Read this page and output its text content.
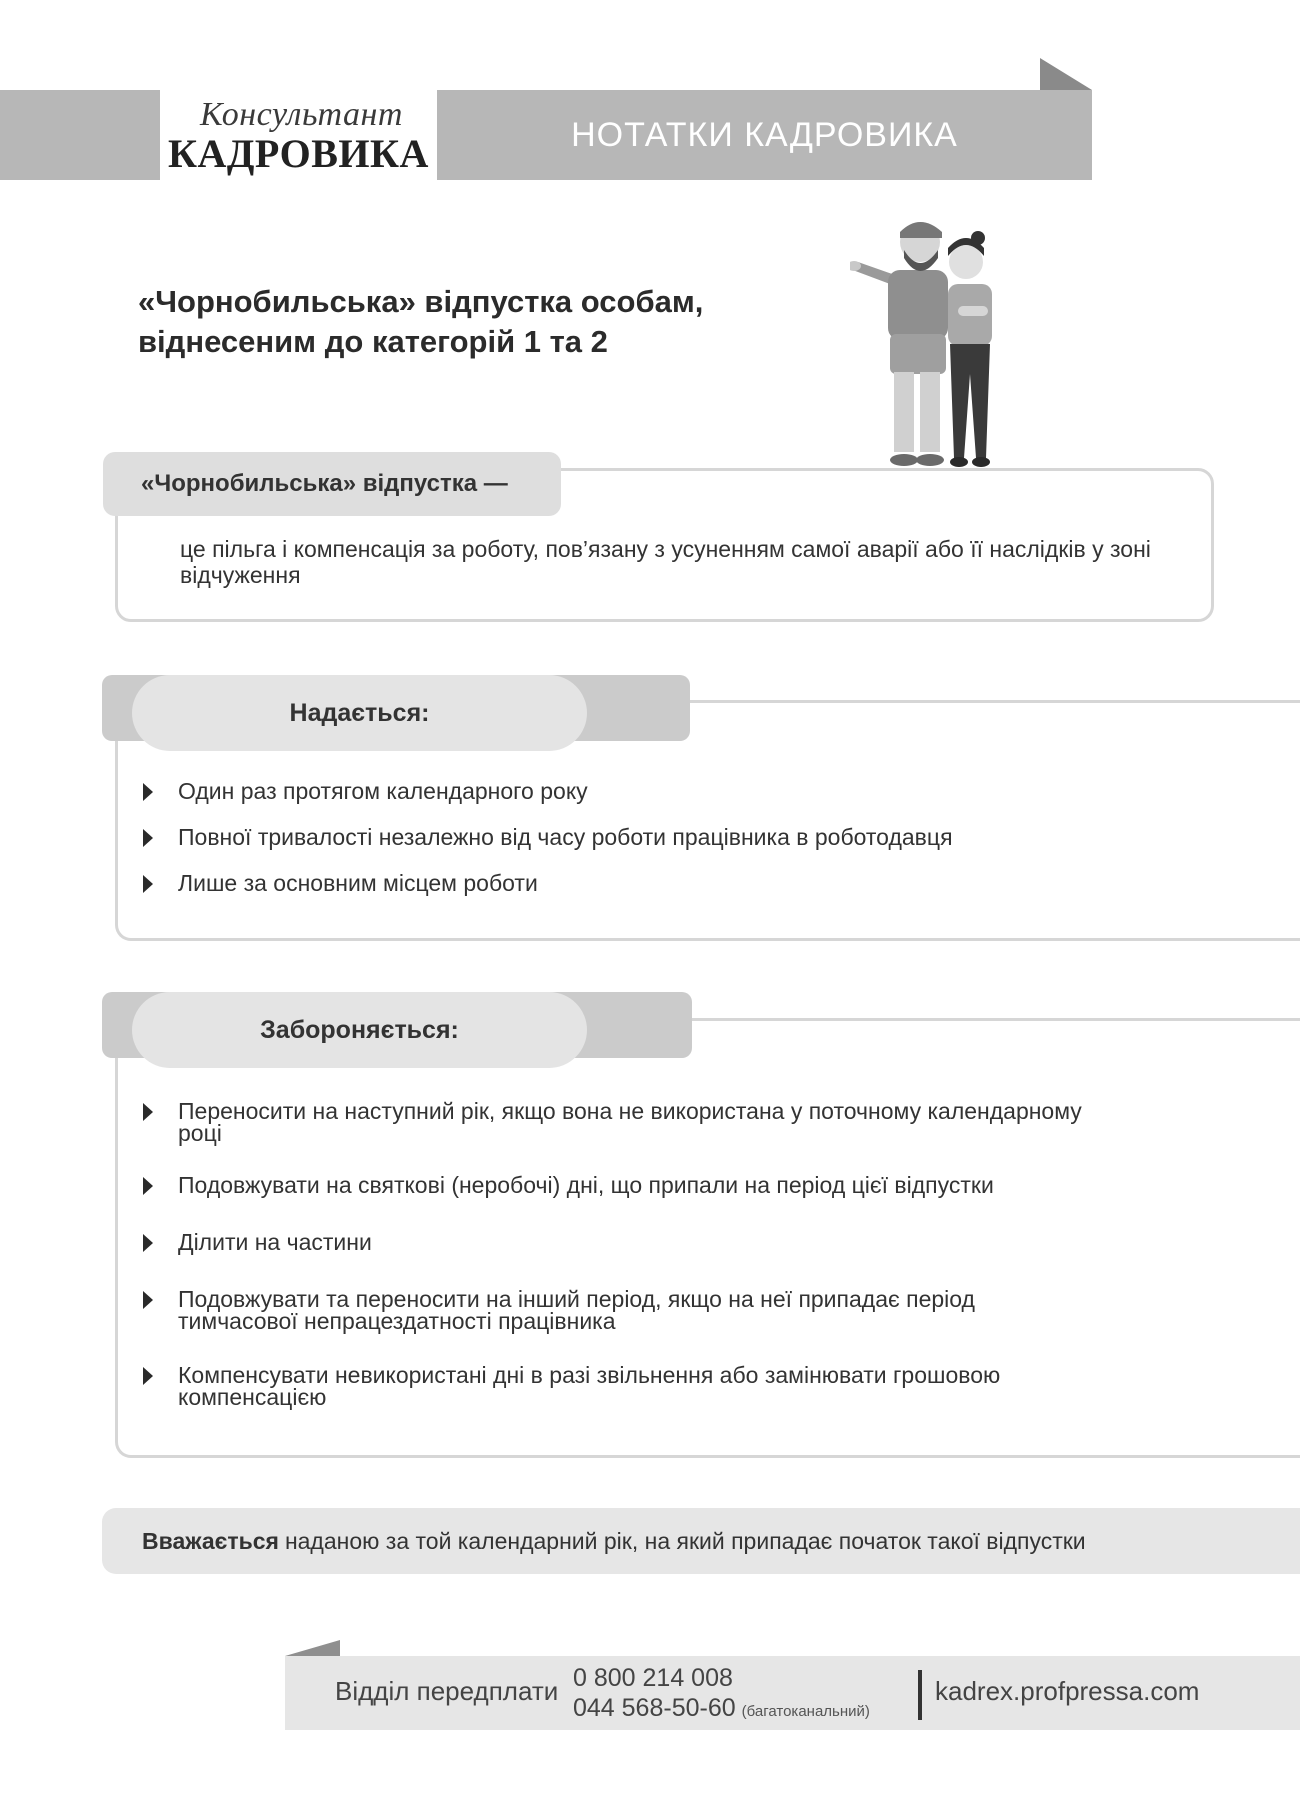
Консультант
КАДРОВИКА	НОТАТКИ КАДРОВИКА
«Чорнобильська» відпустка особам,
віднесеним до категорій 1 та 2
«Чорнобильська» відпустка —
це пільга і компенсація за роботу, пов’язану з усуненням самої аварії або її наслідків у зоні відчуження
Надається:
Один раз протягом календарного року
Повної тривалості незалежно від часу роботи працівника в роботодавця
Лише за основним місцем роботи
Забороняється:
Переносити на наступний рік, якщо вона не використана у поточному календарному році
Подовжувати на святкові (неробочі) дні, що припали на період цієї відпустки
Ділити на частини
Подовжувати та переносити на інший період, якщо на неї припадає період тимчасової непрацездатності працівника
Компенсувати невикористані дні в разі звільнення або замінювати грошовою компенсацією
Вважається наданою за той календарний рік, на який припадає початок такої відпустки
Відділ передплати 0 800 214 008
044 568-50-60 (багатоканальний)
kadrex.profpressa.com
